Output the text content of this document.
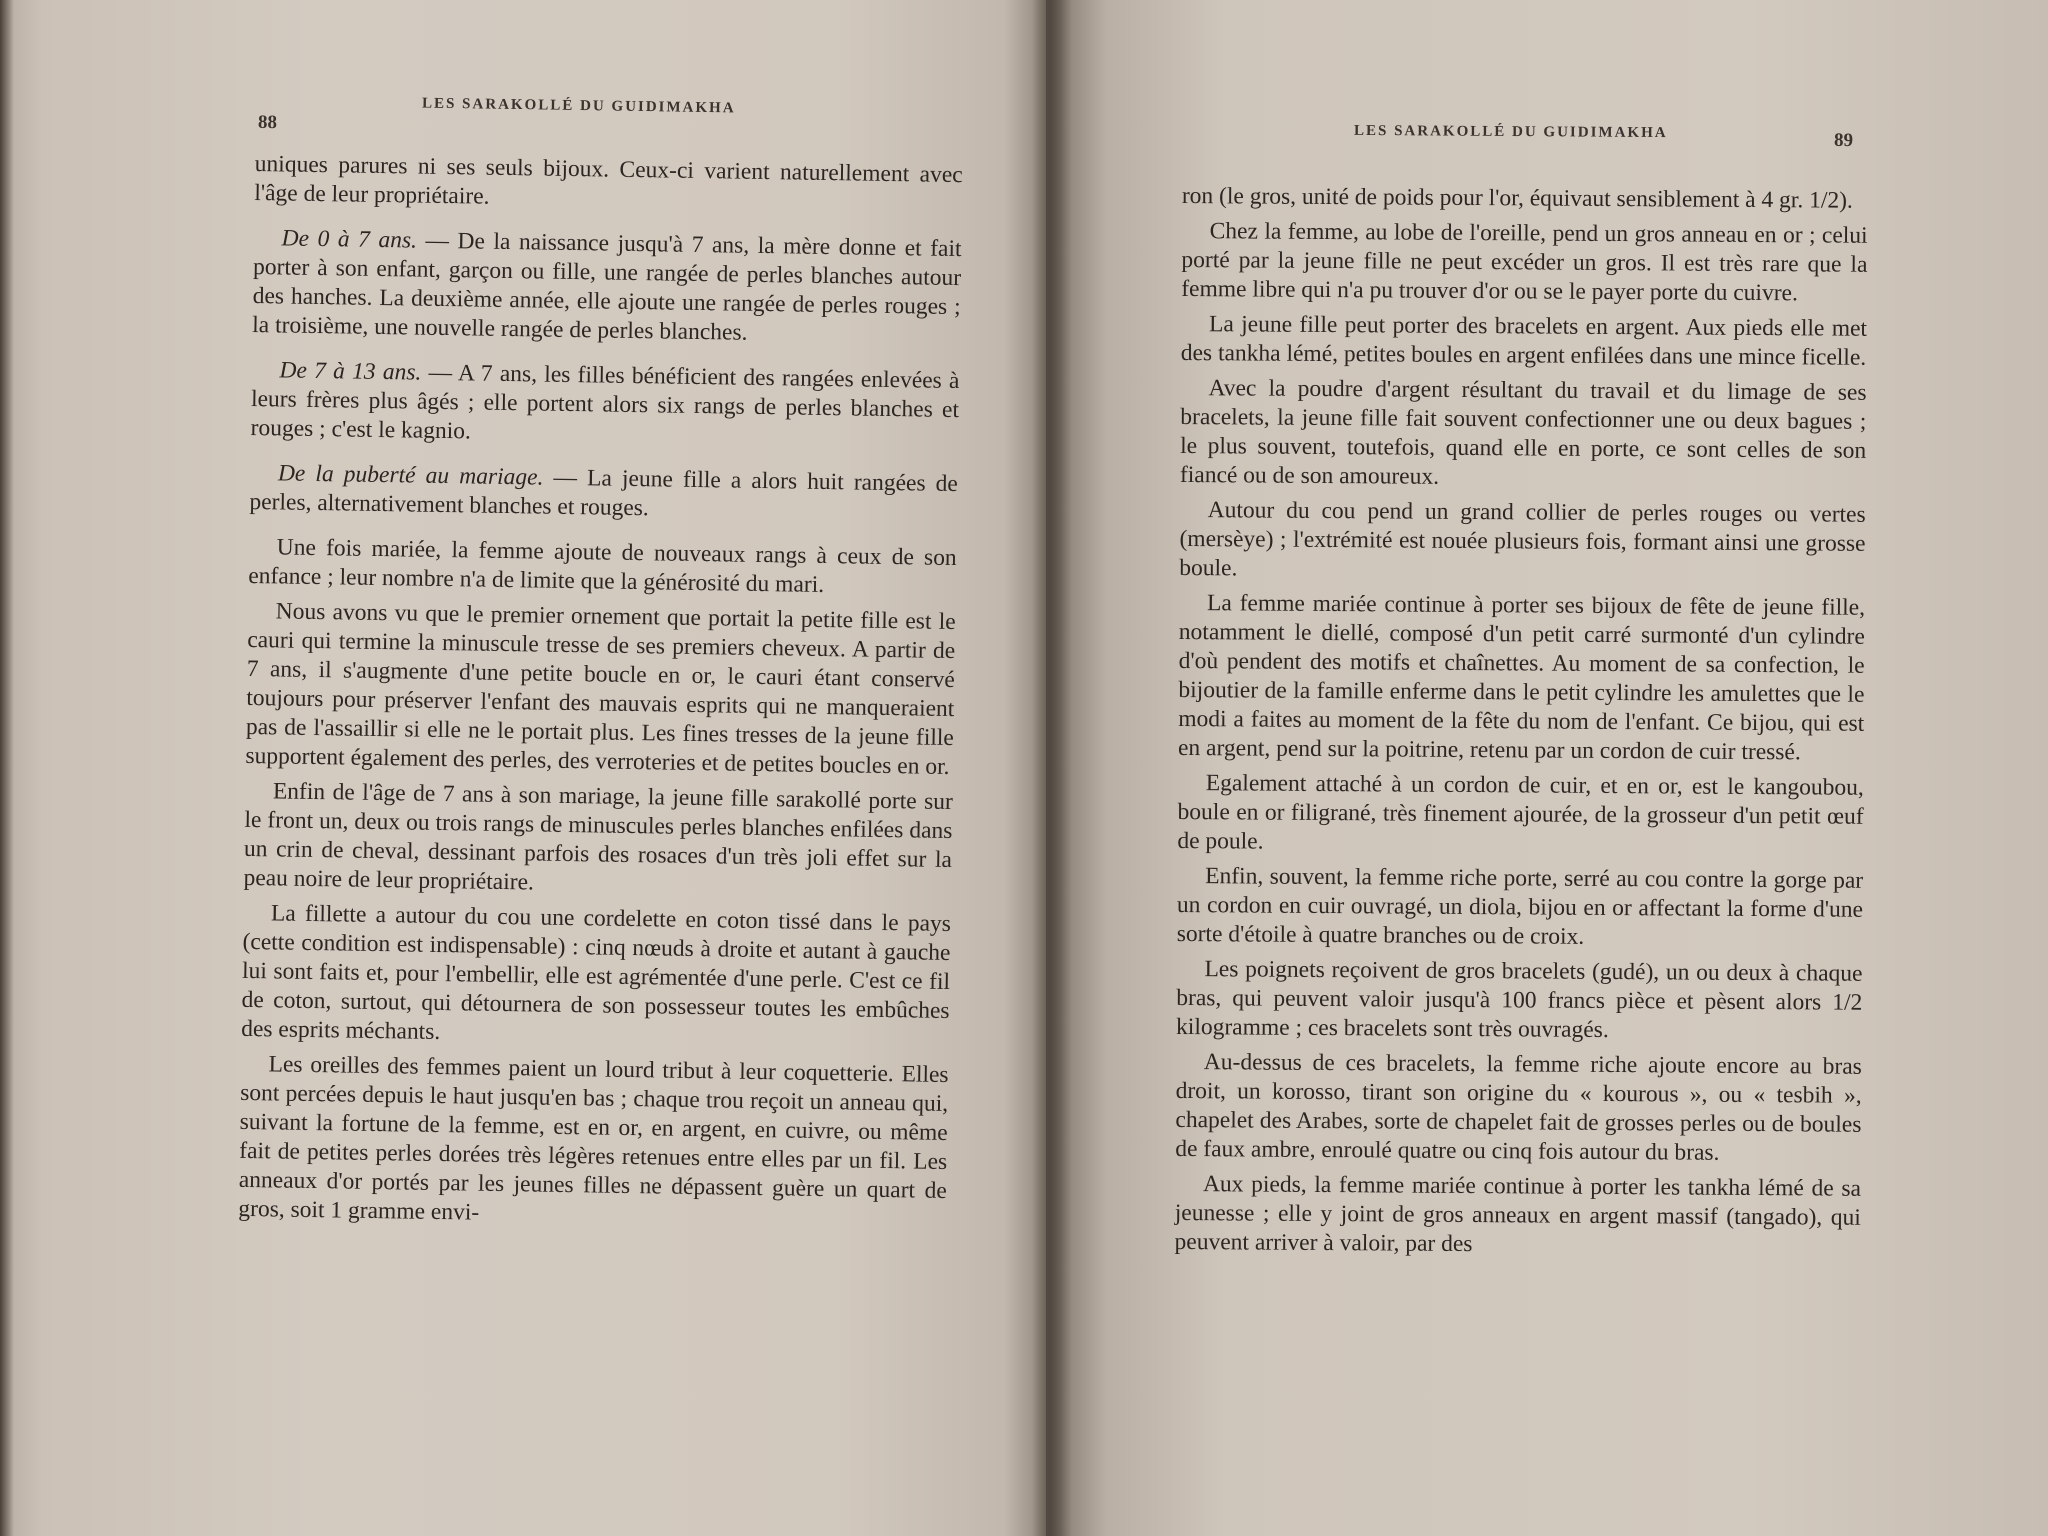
88
LES SARAKOLLÉ DU GUIDIMAKHA

uniques parures ni ses seuls bijoux. Ceux-ci varient naturellement avec l'âge de leur propriétaire.

De 0 à 7 ans. — De la naissance jusqu'à 7 ans, la mère donne et fait porter à son enfant, garçon ou fille, une rangée de perles blanches autour des hanches. La deuxième année, elle ajoute une rangée de perles rouges ; la troisième, une nouvelle rangée de perles blanches.

De 7 à 13 ans. — A 7 ans, les filles bénéficient des rangées enlevées à leurs frères plus âgés ; elle portent alors six rangs de perles blanches et rouges ; c'est le kagnio.

De la puberté au mariage. — La jeune fille a alors huit rangées de perles, alternativement blanches et rouges.

Une fois mariée, la femme ajoute de nouveaux rangs à ceux de son enfance ; leur nombre n'a de limite que la générosité du mari.

Nous avons vu que le premier ornement que portait la petite fille est le cauri qui termine la minuscule tresse de ses premiers cheveux. A partir de 7 ans, il s'augmente d'une petite boucle en or, le cauri étant conservé toujours pour préserver l'enfant des mauvais esprits qui ne manqueraient pas de l'assaillir si elle ne le portait plus. Les fines tresses de la jeune fille supportent également des perles, des verroteries et de petites boucles en or.

Enfin de l'âge de 7 ans à son mariage, la jeune fille sarakollé porte sur le front un, deux ou trois rangs de minuscules perles blanches enfilées dans un crin de cheval, dessinant parfois des rosaces d'un très joli effet sur la peau noire de leur propriétaire.

La fillette a autour du cou une cordelette en coton tissé dans le pays (cette condition est indispensable) : cinq nœuds à droite et autant à gauche lui sont faits et, pour l'embellir, elle est agrémentée d'une perle. C'est ce fil de coton, surtout, qui détournera de son possesseur toutes les embûches des esprits méchants.

Les oreilles des femmes paient un lourd tribut à leur coquetterie. Elles sont percées depuis le haut jusqu'en bas ; chaque trou reçoit un anneau qui, suivant la fortune de la femme, est en or, en argent, en cuivre, ou même fait de petites perles dorées très légères retenues entre elles par un fil. Les anneaux d'or portés par les jeunes filles ne dépassent guère un quart de gros, soit 1 gramme envi-

LES SARAKOLLÉ DU GUIDIMAKHA	89

ron (le gros, unité de poids pour l'or, équivaut sensiblement à 4 gr. 1/2).

Chez la femme, au lobe de l'oreille, pend un gros anneau en or ; celui porté par la jeune fille ne peut excéder un gros. Il est très rare que la femme libre qui n'a pu trouver d'or ou se le payer porte du cuivre.

La jeune fille peut porter des bracelets en argent. Aux pieds elle met des tankha lémé, petites boules en argent enfilées dans une mince ficelle.

Avec la poudre d'argent résultant du travail et du limage de ses bracelets, la jeune fille fait souvent confectionner une ou deux bagues ; le plus souvent, toutefois, quand elle en porte, ce sont celles de son fiancé ou de son amoureux.

Autour du cou pend un grand collier de perles rouges ou vertes (mersèye) ; l'extrémité est nouée plusieurs fois, formant ainsi une grosse boule.

La femme mariée continue à porter ses bijoux de fête de jeune fille, notamment le diellé, composé d'un petit carré surmonté d'un cylindre d'où pendent des motifs et chaînettes. Au moment de sa confection, le bijoutier de la famille enferme dans le petit cylindre les amulettes que le modi a faites au moment de la fête du nom de l'enfant. Ce bijou, qui est en argent, pend sur la poitrine, retenu par un cordon de cuir tressé.

Egalement attaché à un cordon de cuir, et en or, est le kangoubou, boule en or filigrané, très finement ajourée, de la grosseur d'un petit œuf de poule.

Enfin, souvent, la femme riche porte, serré au cou contre la gorge par un cordon en cuir ouvragé, un diola, bijou en or affectant la forme d'une sorte d'étoile à quatre branches ou de croix.

Les poignets reçoivent de gros bracelets (gudé), un ou deux à chaque bras, qui peuvent valoir jusqu'à 100 francs pièce et pèsent alors 1/2 kilogramme ; ces bracelets sont très ouvragés.

Au-dessus de ces bracelets, la femme riche ajoute encore au bras droit, un korosso, tirant son origine du « kourous », ou « tesbih », chapelet des Arabes, sorte de chapelet fait de grosses perles ou de boules de faux ambre, enroulé quatre ou cinq fois autour du bras.

Aux pieds, la femme mariée continue à porter les tankha lémé de sa jeunesse ; elle y joint de gros anneaux en argent massif (tangado), qui peuvent arriver à valoir, par des
